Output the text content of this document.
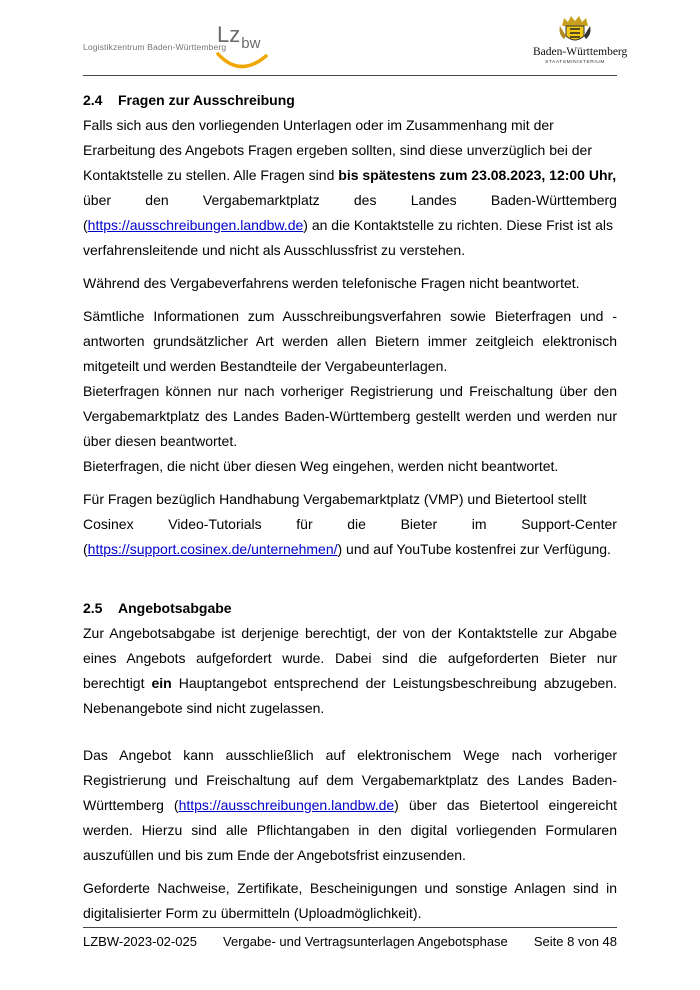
Logistikzentrum Baden-Württemberg
$Lz_{bw}$	Baden-Württemberg
STAATSMINISTERIUM
2.4 Fragen zur Ausschreibung
Falls sich aus den vorliegenden Unterlagen oder im Zusammenhang mit der
Erarbeitung des Angebots Fragen ergeben sollten, sind diese unverzüglich bei der
Kontaktstelle zu stellen. Alle Fragen sind bis spätestens zum 23.08.2023, 12:00 Uhr,
über den Vergabemarktplatz des Landes Baden-Württemberg
(https://ausschreibungen.landbw.de) an die Kontaktstelle zu richten. Diese Frist ist als
verfahrensleitende und nicht als Ausschlussfrist zu verstehen.

Während des Vergabeverfahrens werden telefonische Fragen nicht beantwortet.

Sämtliche Informationen zum Ausschreibungsverfahren sowie Bieterfragen und -antworten grundsätzlicher Art werden allen Bietern immer zeitgleich elektronisch mitgeteilt und werden Bestandteile der Vergabeunterlagen.

Bieterfragen können nur nach vorheriger Registrierung und Freischaltung über den Vergabemarktplatz des Landes Baden-Württemberg gestellt werden und werden nur über diesen beantwortet.

Bieterfragen, die nicht über diesen Weg eingehen, werden nicht beantwortet.

Für Fragen bezüglich Handhabung Vergabemarktplatz (VMP) und Bietertool stellt
Cosinex Video-Tutorials für die Bieter im Support-Center
(https://support.cosinex.de/unternehmen/) und auf YouTube kostenfrei zur Verfügung.
2.5 Angebotsabgabe

Zur Angebotsabgabe ist derjenige berechtigt, der von der Kontaktstelle zur Abgabe eines Angebots aufgefordert wurde. Dabei sind die aufgeforderten Bieter nur berechtigt ein Hauptangebot entsprechend der Leistungsbeschreibung abzugeben. Nebenangebote sind nicht zugelassen.

Das Angebot kann ausschließlich auf elektronischem Wege nach vorheriger Registrierung und Freischaltung auf dem Vergabemarktplatz des Landes Baden-Württemberg (https://ausschreibungen.landbw.de) über das Bietertool eingereicht werden. Hierzu sind alle Pflichtangaben in den digital vorliegenden Formularen auszufüllen und bis zum Ende der Angebotsfrist einzusenden.

Geforderte Nachweise, Zertifikate, Bescheinigungen und sonstige Anlagen sind in digitalisierter Form zu übermitteln (Uploadmöglichkeit).

LZBW-2023-02-025 Vergabe- und Vertragsunterlagen Angebotsphase Seite 8 von 48
